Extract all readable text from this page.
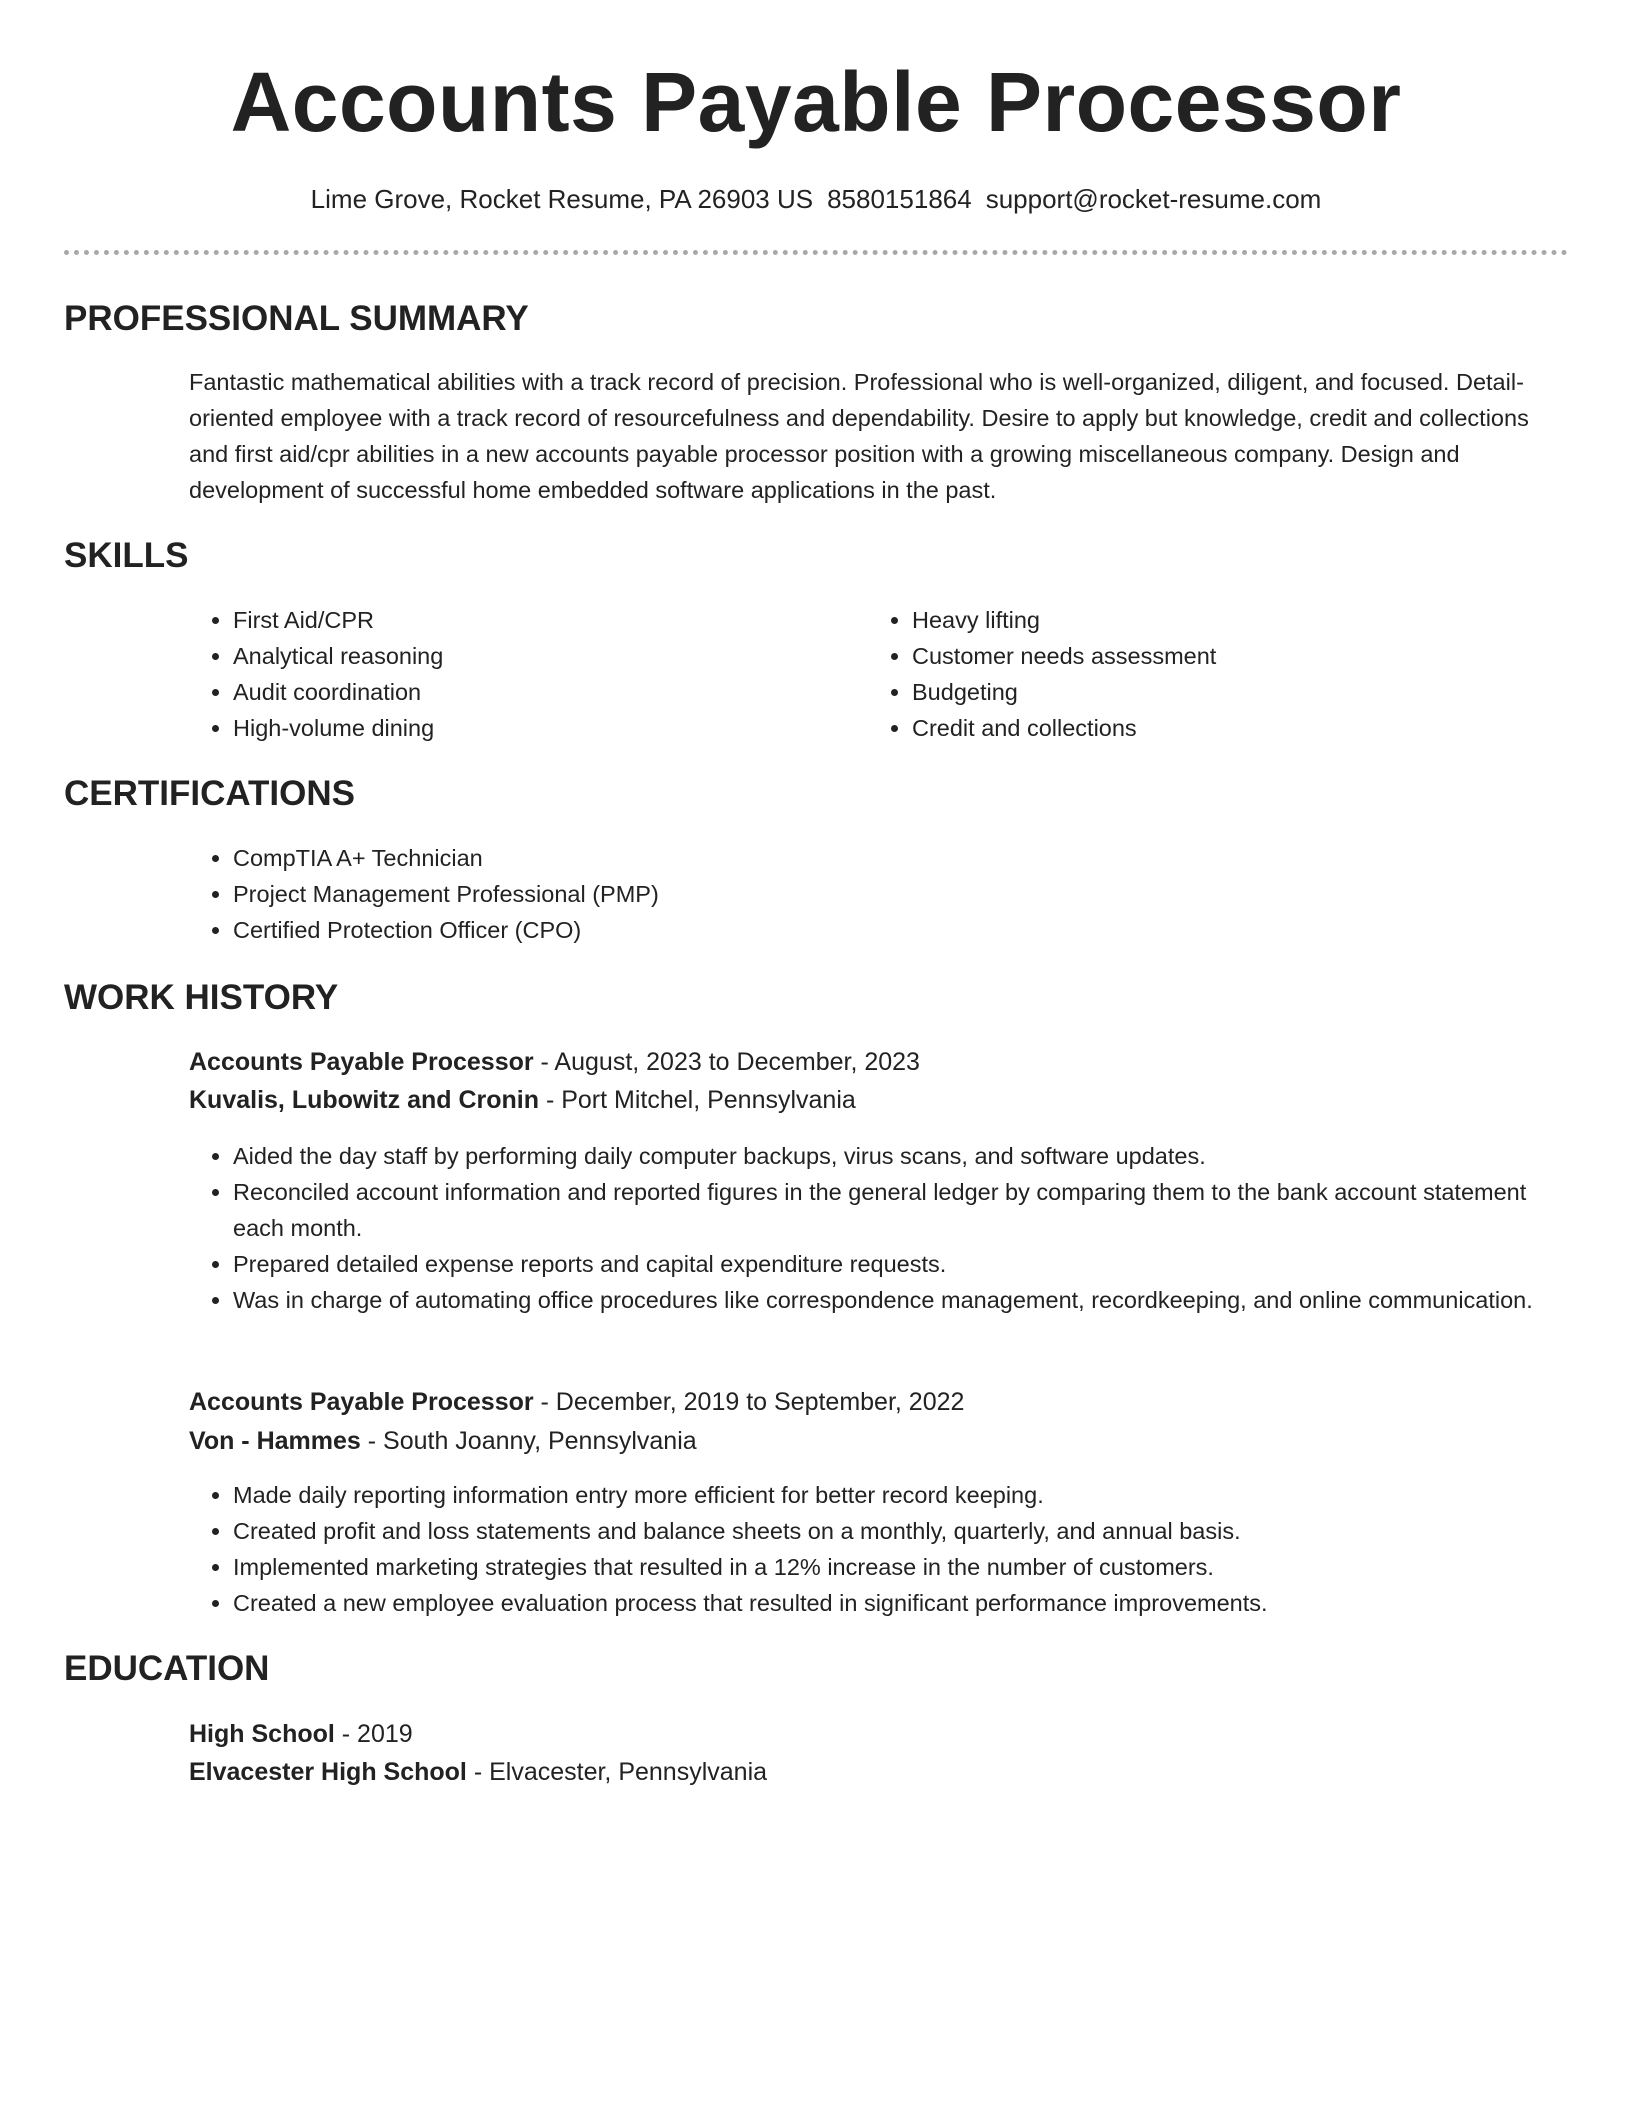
Accounts Payable Processor
Lime Grove, Rocket Resume, PA 26903 US 8580151864 support@rocket-resume.com
PROFESSIONAL SUMMARY

Fantastic mathematical abilities with a track record of precision. Professional who is well-organized, diligent, and focused. Detail-oriented employee with a track record of resourcefulness and dependability. Desire to apply but knowledge, credit and collections and first aid/cpr abilities in a new accounts payable processor position with a growing miscellaneous company. Design and development of successful home embedded software applications in the past.

SKILLS
• First Aid/CPR
• Analytical reasoning
• Audit coordination
• High-volume dining
• Heavy lifting
• Customer needs assessment
• Budgeting
• Credit and collections
CERTIFICATIONS
• CompTIA A+ Technician
• Project Management Professional (PMP)
• Certified Protection Officer (CPO)
WORK HISTORY
Accounts Payable Processor - August, 2023 to December, 2023
Kuvalis, Lubowitz and Cronin - Port Mitchel, Pennsylvania
• Aided the day staff by performing daily computer backups, virus scans, and software updates.
• Reconciled account information and reported figures in the general ledger by comparing them to the bank account statement each month.
• Prepared detailed expense reports and capital expenditure requests.
• Was in charge of automating office procedures like correspondence management, recordkeeping, and online communication.
Accounts Payable Processor - December, 2019 to September, 2022
Von - Hammes - South Joanny, Pennsylvania
• Made daily reporting information entry more efficient for better record keeping.
• Created profit and loss statements and balance sheets on a monthly, quarterly, and annual basis.
• Implemented marketing strategies that resulted in a 12% increase in the number of customers.
• Created a new employee evaluation process that resulted in significant performance improvements.
EDUCATION
High School - 2019
Elvacester High School - Elvacester, Pennsylvania
